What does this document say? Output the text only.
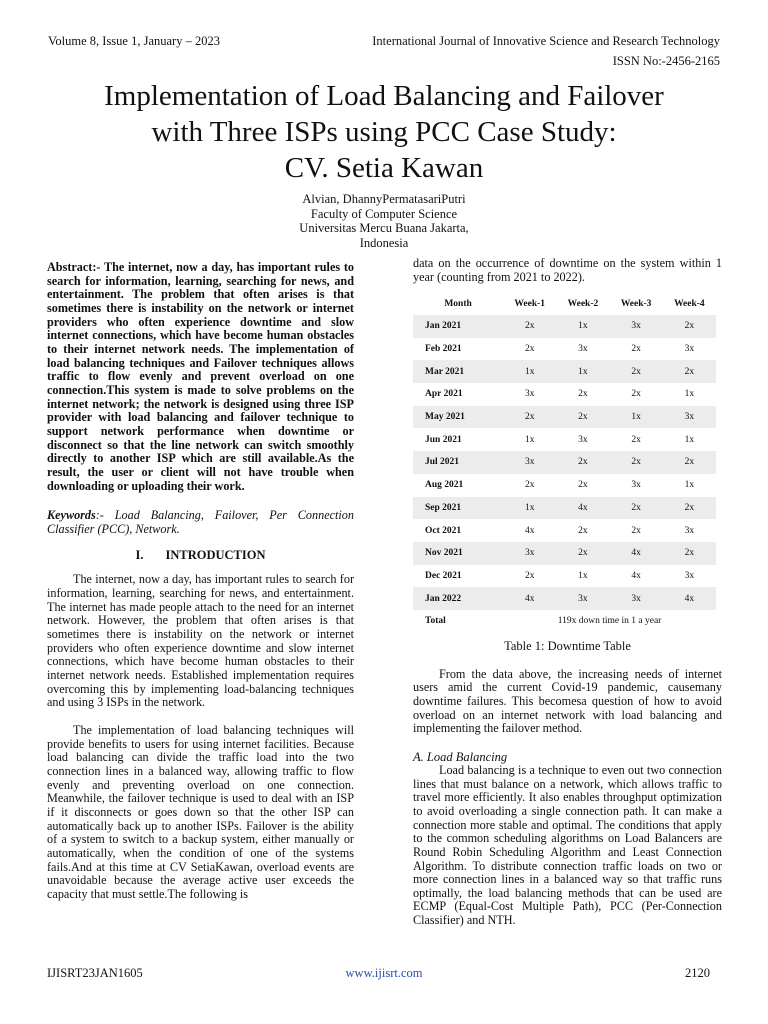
Volume 8, Issue 1, January – 2023	International Journal of Innovative Science and Research Technology
ISSN No:-2456-2165
Implementation of Load Balancing and Failover
with Three ISPs using PCC Case Study:
CV. Setia Kawan
Alvian, DhannyPermatasariPutri
Faculty of Computer Science
Universitas Mercu Buana Jakarta,
Indonesia
Abstract:- The internet, now a day, has important rules to search for information, learning, searching for news, and entertainment. The problem that often arises is that sometimes there is instability on the network or internet providers who often experience downtime and slow internet connections, which have become human obstacles to their internet network needs. The implementation of load balancing techniques and Failover techniques allows traffic to flow evenly and prevent overload on one connection.This system is made to solve problems on the internet network; the network is designed using three ISP provider with load balancing and failover technique to support network performance when downtime or disconnect so that the line network can switch smoothly directly to another ISP which are still available.As the result, the user or client will not have trouble when downloading or uploading their work.

Keywords:- Load Balancing, Failover, Per Connection Classifier (PCC), Network.

I. INTRODUCTION

The internet, now a day, has important rules to search for information, learning, searching for news, and entertainment. The internet has made people attach to the need for an internet network. However, the problem that often arises is that sometimes there is instability on the network or internet providers who often experience downtime and slow internet connections, which have become human obstacles to their internet network needs. Established implementation requires overcoming this by implementing load-balancing techniques and using 3 ISPs in the network.

The implementation of load balancing techniques will provide benefits to users for using internet facilities. Because load balancing can divide the traffic load into the two connection lines in a balanced way, allowing traffic to flow evenly and preventing overload on one connection. Meanwhile, the failover technique is used to deal with an ISP if it disconnects or goes down so that the other ISP can automatically back up to another ISPs. Failover is the ability of a system to switch to a backup system, either manually or automatically, when the condition of one of the systems fails.And at this time at CV SetiaKawan, overload events are unavoidable because the average active user exceeds the capacity that must settle.The following is

data on the occurrence of downtime on the system within 1 year (counting from 2021 to 2022).

Month	Week-1	Week-2	Week-3	Week-4
Jan 2021	2x	1x	3x	2x
Feb 2021	2x	3x	2x	3x
Mar 2021	1x	1x	2x	2x
Apr 2021	3x	2x	2x	1x
May 2021	2x	2x	1x	3x
Jun 2021	1x	3x	2x	1x
Jul 2021	3x	2x	2x	2x
Aug 2021	2x	2x	3x	1x
Sep 2021	1x	4x	2x	2x
Oct 2021	4x	2x	2x	3x
Nov 2021	3x	2x	4x	2x
Dec 2021	2x	1x	4x	3x
Jan 2022	4x	3x	3x	4x
Total	119x down time in 1 a year			
Table 1: Downtime Table

From the data above, the increasing needs of internet users amid the current Covid-19 pandemic, causemany downtime failures. This becomesa question of how to avoid overload on an internet network with load balancing and implementing the failover method.

A. Load Balancing

Load balancing is a technique to even out two connection lines that must balance on a network, which allows traffic to travel more efficiently. It also enables throughput optimization to avoid overloading a single connection path. It can make a connection more stable and optimal. The conditions that apply to the common scheduling algorithms on Load Balancers are Round Robin Scheduling Algorithm and Least Connection Algorithm. To distribute connection traffic loads on two or more connection lines in a balanced way so that traffic runs optimally, the load balancing methods that can be used are ECMP (Equal-Cost Multiple Path), PCC (Per-Connection Classifier) and NTH.

IJISRT23JAN1605	www.ijisrt.com	2120
